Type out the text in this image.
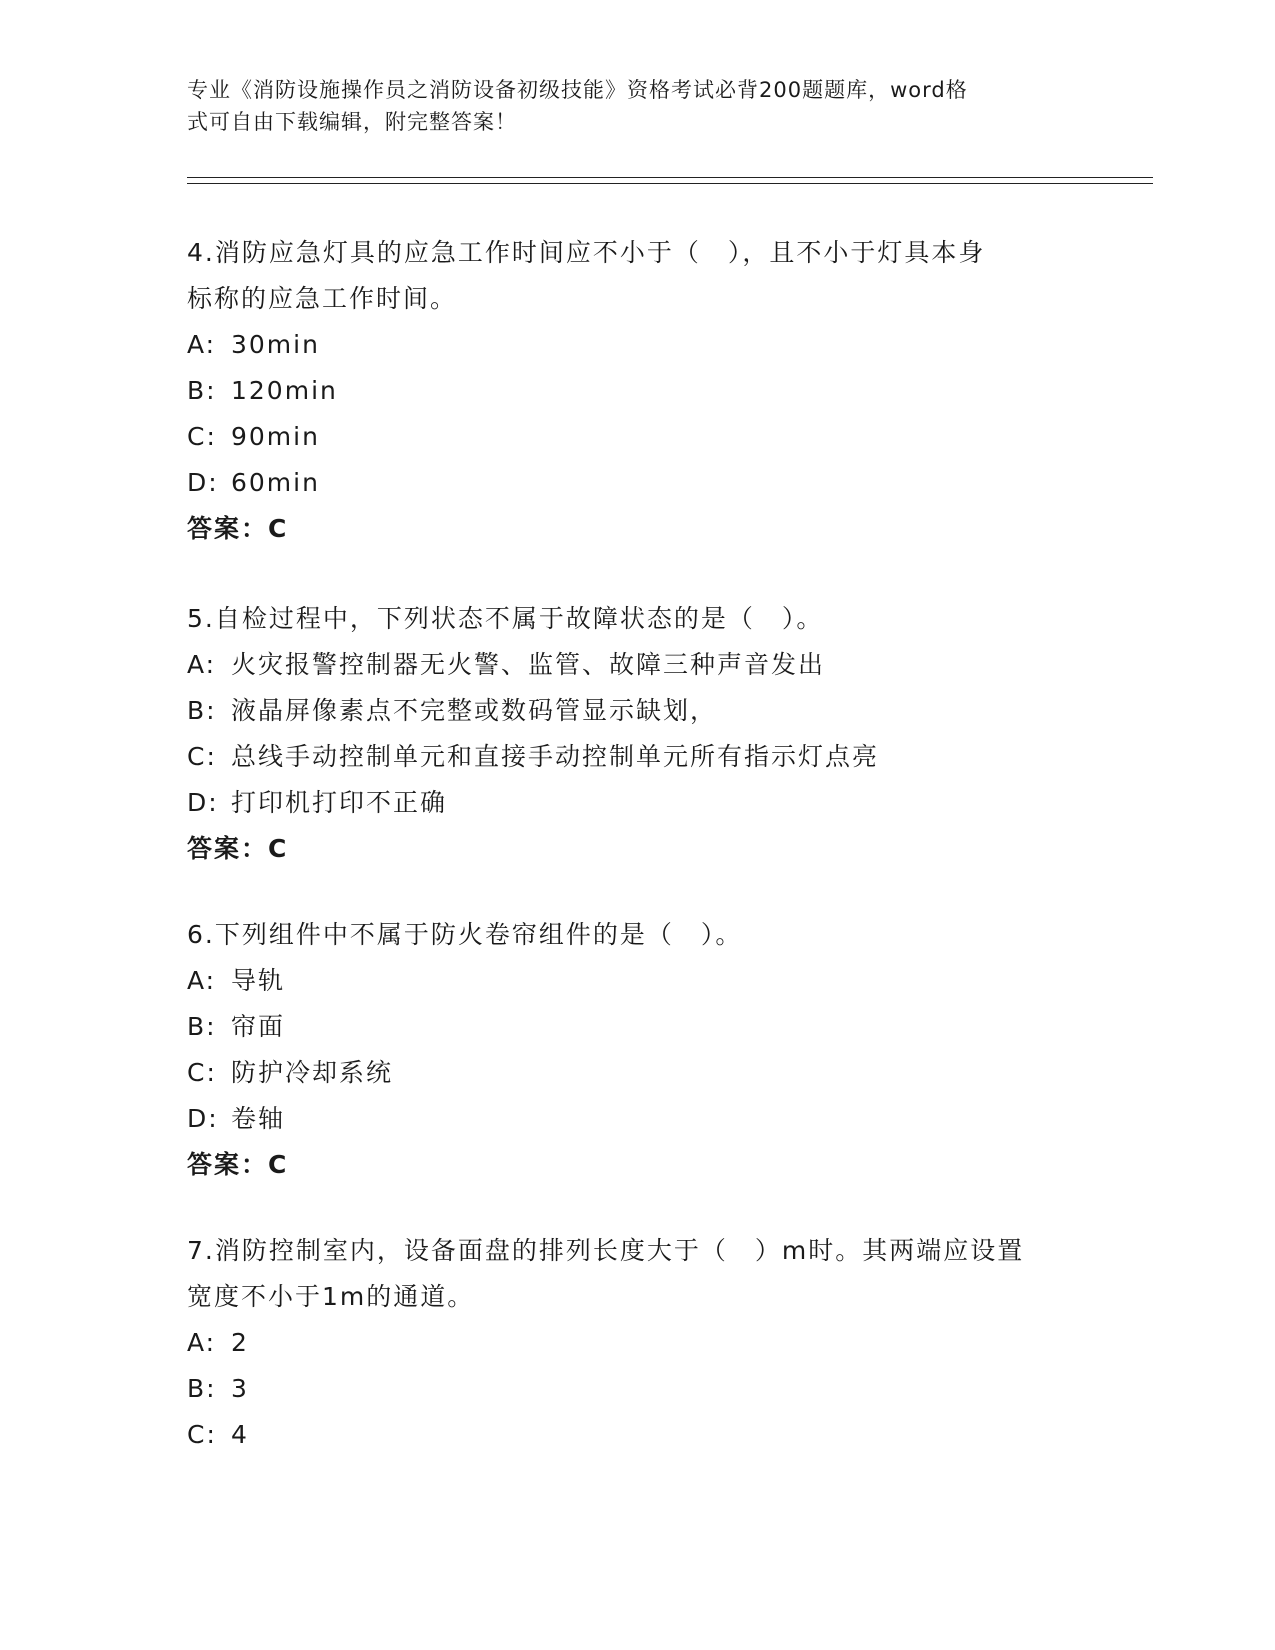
专业《消防设施操作员之消防设备初级技能》资格考试必背200题题库，word格
式可自由下载编辑，附完整答案！

4.消防应急灯具的应急工作时间应不小于（　），且不小于灯具本身

标称的应急工作时间。

A: 30min
B: 120min
C: 90min
D: 60min

答案：C

5.自检过程中，下列状态不属于故障状态的是（　）。

A: 火灾报警控制器无火警、监管、故障三种声音发出
B: 液晶屏像素点不完整或数码管显示缺划，
C: 总线手动控制单元和直接手动控制单元所有指示灯点亮
D: 打印机打印不正确

答案：C

6.下列组件中不属于防火卷帘组件的是（　）。

A: 导轨
B: 帘面
C: 防护冷却系统
D: 卷轴

答案：C

7.消防控制室内，设备面盘的排列长度大于（　）m时。其两端应设置

宽度不小于1m的通道。

A: 2
B: 3
C: 4
